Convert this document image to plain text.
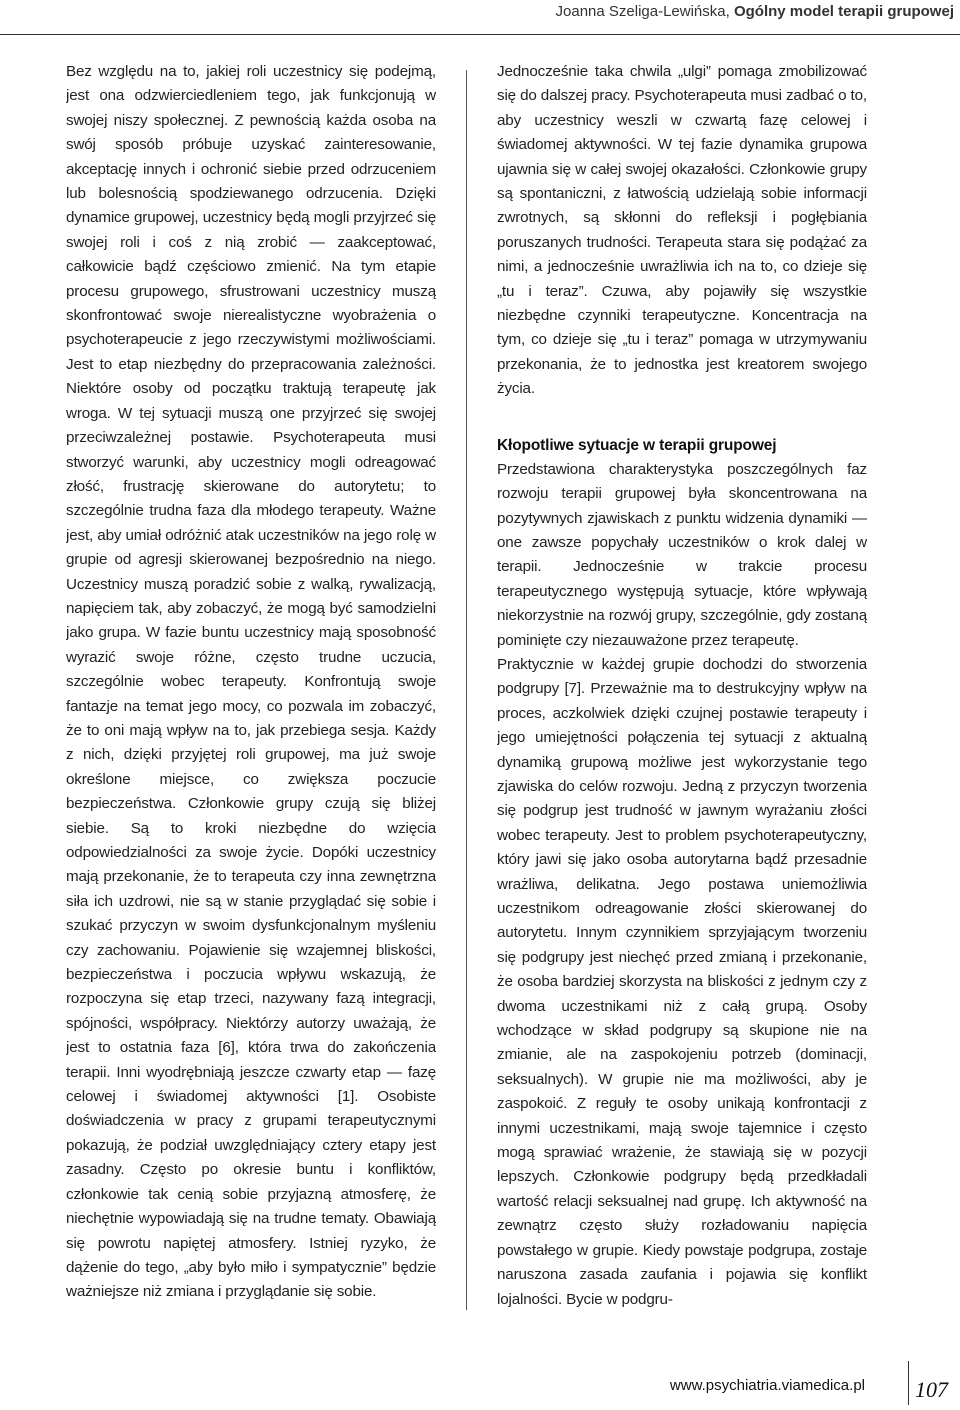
Joanna Szeliga-Lewińska, Ogólny model terapii grupowej

Bez względu na to, jakiej roli uczestnicy się podejmą, jest ona odzwierciedleniem tego, jak funkcjonują w swojej niszy społecznej. Z pewnością każda osoba na swój sposób próbuje uzyskać zainteresowanie, akceptację innych i ochronić siebie przed odrzuceniem lub bolesnością spodziewanego odrzucenia. Dzięki dynamice grupowej, uczestnicy będą mogli przyjrzeć się swojej roli i coś z nią zrobić — zaakceptować, całkowicie bądź częściowo zmienić. Na tym etapie procesu grupowego, sfrustrowani uczestnicy muszą skonfrontować swoje nierealistyczne wyobrażenia o psychoterapeucie z jego rzeczywistymi możliwościami. Jest to etap niezbędny do przepracowania zależności. Niektóre osoby od początku traktują terapeutę jak wroga. W tej sytuacji muszą one przyjrzeć się swojej przeciwzależnej postawie. Psychoterapeuta musi stworzyć warunki, aby uczestnicy mogli odreagować złość, frustrację skierowane do autorytetu; to szczególnie trudna faza dla młodego terapeuty. Ważne jest, aby umiał odróżnić atak uczestników na jego rolę w grupie od agresji skierowanej bezpośrednio na niego. Uczestnicy muszą poradzić sobie z walką, rywalizacją, napięciem tak, aby zobaczyć, że mogą być samodzielni jako grupa. W fazie buntu uczestnicy mają sposobność wyrazić swoje różne, często trudne uczucia, szczególnie wobec terapeuty. Konfrontują swoje fantazje na temat jego mocy, co pozwala im zobaczyć, że to oni mają wpływ na to, jak przebiega sesja. Każdy z nich, dzięki przyjętej roli grupowej, ma już swoje określone miejsce, co zwiększa poczucie bezpieczeństwa. Członkowie grupy czują się bliżej siebie. Są to kroki niezbędne do wzięcia odpowiedzialności za swoje życie. Dopóki uczestnicy mają przekonanie, że to terapeuta czy inna zewnętrzna siła ich uzdrowi, nie są w stanie przyglądać się sobie i szukać przyczyn w swoim dysfunkcjonalnym myśleniu czy zachowaniu. Pojawienie się wzajemnej bliskości, bezpieczeństwa i poczucia wpływu wskazują, że rozpoczyna się etap trzeci, nazywany fazą integracji, spójności, współpracy. Niektórzy autorzy uważają, że jest to ostatnia faza [6], która trwa do zakończenia terapii. Inni wyodrębniają jeszcze czwarty etap — fazę celowej i świadomej aktywności [1]. Osobiste doświadczenia w pracy z grupami terapeutycznymi pokazują, że podział uwzględniający cztery etapy jest zasadny. Często po okresie buntu i konfliktów, członkowie tak cenią sobie przyjazną atmosferę, że niechętnie wypowiadają się na trudne tematy. Obawiają się powrotu napiętej atmosfery. Istniej ryzyko, że dążenie do tego, „aby było miło i sympatycznie” będzie ważniejsze niż zmiana i przyglądanie się sobie.

Jednocześnie taka chwila „ulgi” pomaga zmobilizować się do dalszej pracy. Psychoterapeuta musi zadbać o to, aby uczestnicy weszli w czwartą fazę celowej i świadomej aktywności. W tej fazie dynamika grupowa ujawnia się w całej swojej okazałości. Członkowie grupy są spontaniczni, z łatwością udzielają sobie informacji zwrotnych, są skłonni do refleksji i pogłębiania poruszanych trudności. Terapeuta stara się podążać za nimi, a jednocześnie uwrażliwia ich na to, co dzieje się „tu i teraz”. Czuwa, aby pojawiły się wszystkie niezbędne czynniki terapeutyczne. Koncentracja na tym, co dzieje się „tu i teraz” pomaga w utrzymywaniu przekonania, że to jednostka jest kreatorem swojego życia.

Kłopotliwe sytuacje w terapii grupowej

Przedstawiona charakterystyka poszczególnych faz rozwoju terapii grupowej była skoncentrowana na pozytywnych zjawiskach z punktu widzenia dynamiki — one zawsze popychały uczestników o krok dalej w terapii. Jednocześnie w trakcie procesu terapeutycznego występują sytuacje, które wpływają niekorzystnie na rozwój grupy, szczególnie, gdy zostaną pominięte czy niezauważone przez terapeutę.

Praktycznie w każdej grupie dochodzi do stworzenia podgrupy [7]. Przeważnie ma to destrukcyjny wpływ na proces, aczkolwiek dzięki czujnej postawie terapeuty i jego umiejętności połączenia tej sytuacji z aktualną dynamiką grupową możliwe jest wykorzystanie tego zjawiska do celów rozwoju. Jedną z przyczyn tworzenia się podgrup jest trudność w jawnym wyrażaniu złości wobec terapeuty. Jest to problem psychoterapeutyczny, który jawi się jako osoba autorytarna bądź przesadnie wrażliwa, delikatna. Jego postawa uniemożliwia uczestnikom odreagowanie złości skierowanej do autorytetu. Innym czynnikiem sprzyjającym tworzeniu się podgrupy jest niechęć przed zmianą i przekonanie, że osoba bardziej skorzysta na bliskości z jednym czy z dwoma uczestnikami niż z całą grupą. Osoby wchodzące w skład podgrupy są skupione nie na zmianie, ale na zaspokojeniu potrzeb (dominacji, seksualnych). W grupie nie ma możliwości, aby je zaspokoić. Z reguły te osoby unikają konfrontacji z innymi uczestnikami, mają swoje tajemnice i często mogą sprawiać wrażenie, że stawiają się w pozycji lepszych. Członkowie podgrupy będą przedkładali wartość relacji seksualnej nad grupę. Ich aktywność na zewnątrz często służy rozładowaniu napięcia powstałego w grupie. Kiedy powstaje podgrupa, zostaje naruszona zasada zaufania i pojawia się konflikt lojalności. Bycie w podgru-

www.psychiatria.viamedica.pl 107
